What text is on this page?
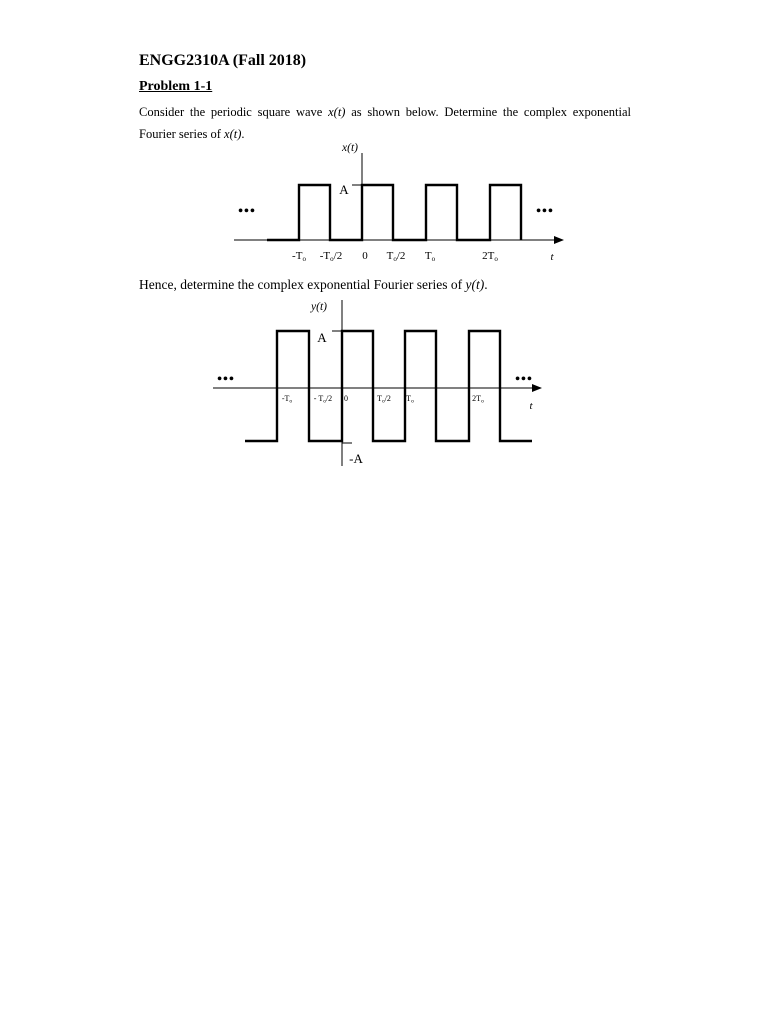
ENGG2310A (Fall 2018)
Problem 1-1
Consider the periodic square wave x(t) as shown below. Determine the complex exponential Fourier series of x(t).
Hence, determine the complex exponential Fourier series of y(t).
x(t)
A
•••	•••
t
-To -To/2 0 To/2 To	2To
y(t)
A
-A
•••	•••
t
-To	- To/2 0	To/2 To	2To
